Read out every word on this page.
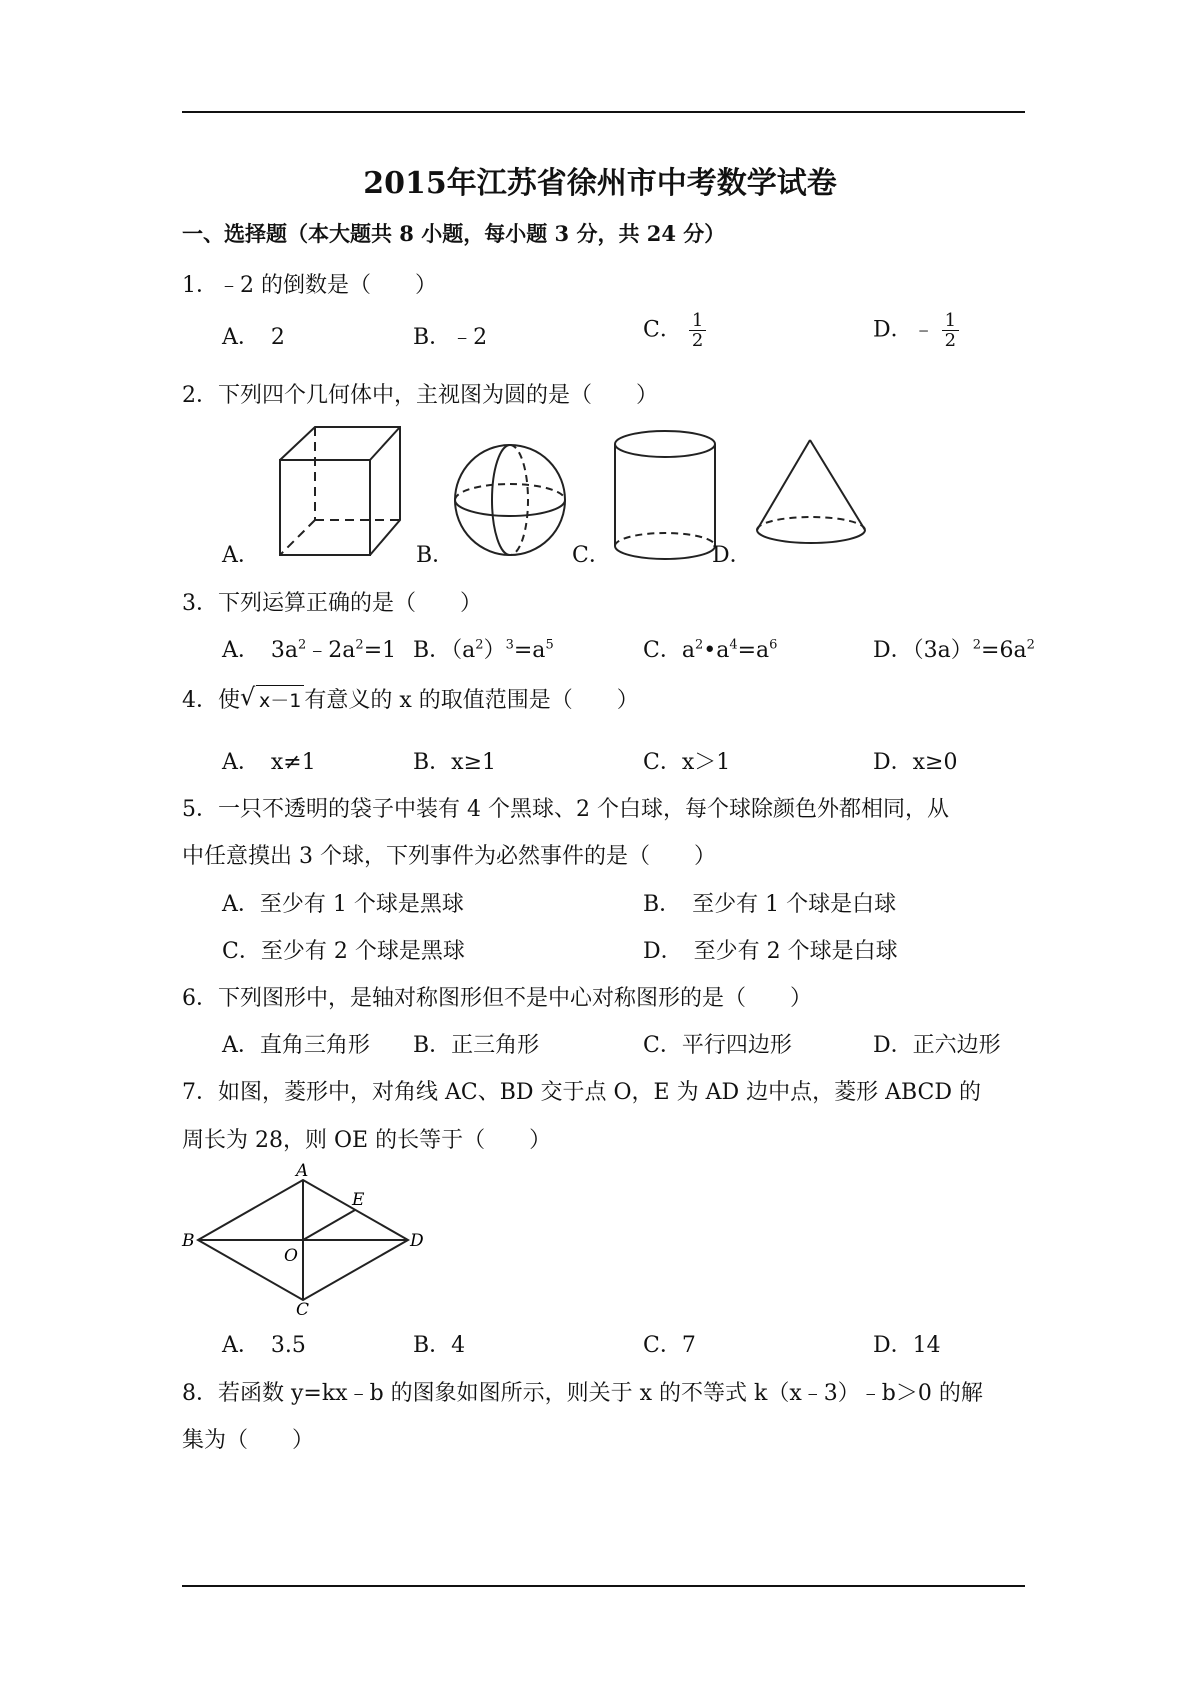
2015年江苏省徐州市中考数学试卷
一、选择题（本大题共 8 小题，每小题 3 分，共 24 分）
1．﹣2 的倒数是（　　）
A．　2	B．﹣2	C． $\frac{1}{2}$	D．﹣ $\frac{1}{2}$
2．下列四个几何体中，主视图为圆的是（　　）
A．	B．	C．	D．
3．下列运算正确的是（　　）
A．　$3a^2﹣2a^2=1$ B．$(a^2)^3=a^5$	C．$a^2•a^4=a^6$	D．$(3a)^2=6a^2$
4．使 √ x－1 有意义的 x 的取值范围是（　　）
A．　x≠1	B．x≥1	C．x＞1	D．x≥0
5．一只不透明的袋子中装有 4 个黑球、2 个白球，每个球除颜色外都相同，从
中任意摸出 3 个球，下列事件为必然事件的是（　　）
A．至少有 1 个球是黑球	B．　至少有 1 个球是白球
C．至少有 2 个球是黑球	D．　至少有 2 个球是白球
6．下列图形中，是轴对称图形但不是中心对称图形的是（　　）
A．直角三角形 B．正三角形	C．平行四边形	D．正六边形
7．如图，菱形中，对角线 AC、BD 交于点 O，E 为 AD 边中点，菱形 ABCD 的
周长为 28，则 OE 的长等于（　　）
A
B
C
D
E
O
A．　3.5	B．4	C．7	D．14
8．若函数 y=kx﹣b 的图象如图所示，则关于 x 的不等式 k（x﹣3）﹣b＞0 的解
集为（　　）
